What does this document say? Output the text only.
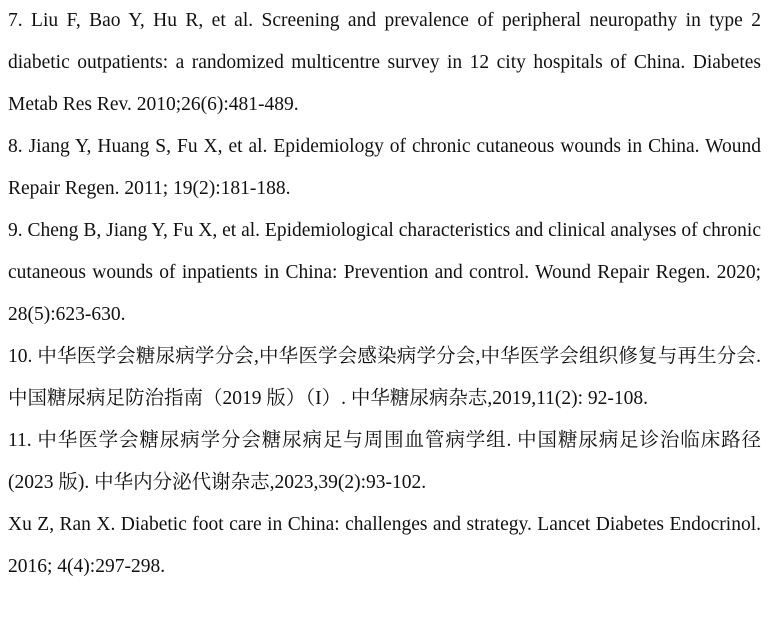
7. Liu F, Bao Y, Hu R, et al. Screening and prevalence of peripheral neuropathy in type 2 diabetic outpatients: a randomized multicentre survey in 12 city hospitals of China. Diabetes Metab Res Rev. 2010;26(6):481-489.
8. Jiang Y, Huang S, Fu X, et al. Epidemiology of chronic cutaneous wounds in China. Wound Repair Regen. 2011; 19(2):181-188.
9. Cheng B, Jiang Y, Fu X, et al. Epidemiological characteristics and clinical analyses of chronic cutaneous wounds of inpatients in China: Prevention and control. Wound Repair Regen. 2020; 28(5):623-630.
10. 中华医学会糖尿病学分会,中华医学会感染病学分会,中华医学会组织修复与再生分会. 中国糖尿病足防治指南（2019 版）（I）. 中华糖尿病杂志,2019,11(2): 92-108.
11. 中华医学会糖尿病学分会糖尿病足与周围血管病学组. 中国糖尿病足诊治临床路径(2023 版). 中华内分泌代谢杂志,2023,39(2):93-102.
Xu Z, Ran X. Diabetic foot care in China: challenges and strategy. Lancet Diabetes Endocrinol. 2016; 4(4):297-298.
